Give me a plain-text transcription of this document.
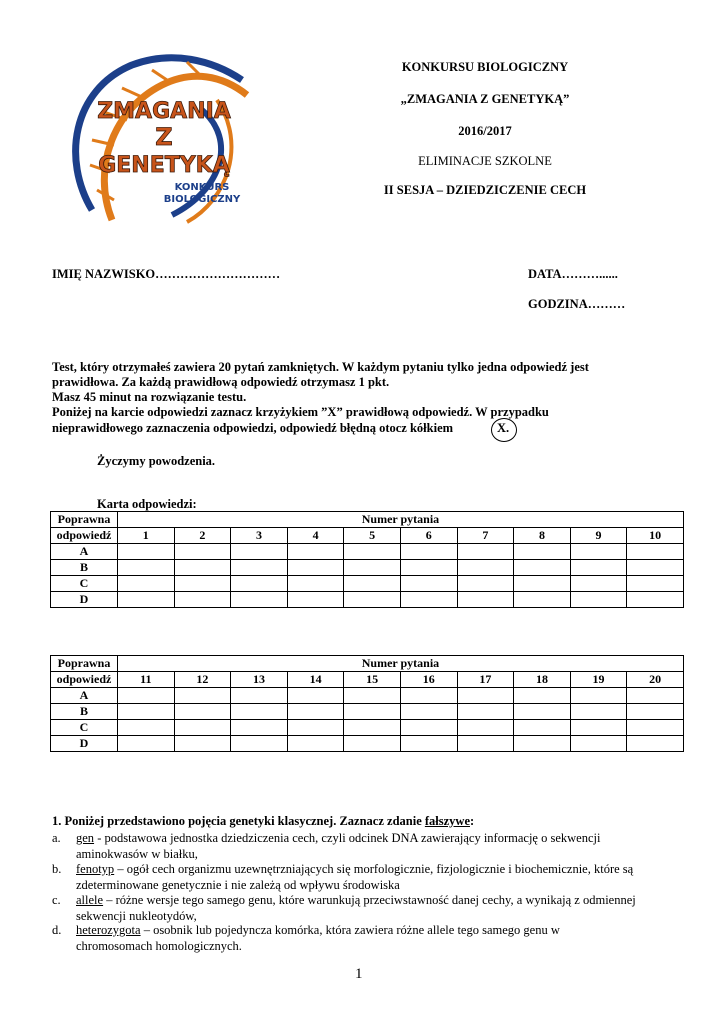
ZMAGANIA
Z
GENETYKĄ
KONKURS
BIOLOGICZNY
KONKURSU BIOLOGICZNY
„ZMAGANIA Z GENETYKĄ”
2016/2017
ELIMINACJE SZKOLNE
II SESJA – DZIEDZICZENIE CECH
IMIĘ NAZWISKO…………………………	DATA………......
GODZINA………
Test, który otrzymałeś zawiera 20 pytań zamkniętych. W każdym pytaniu tylko jedna odpowiedź jest
prawidłowa. Za każdą prawidłową odpowiedź otrzymasz 1 pkt.
Masz 45 minut na rozwiązanie testu.
Poniżej na karcie odpowiedzi zaznacz krzyżykiem ”X” prawidłową odpowiedź. W przypadku
nieprawidłowego zaznaczenia odpowiedzi, odpowiedź błędną otocz kółkiem	X.
Życzymy powodzenia.
Karta odpowiedzi:
Poprawna	Numer pytania									
odpowiedź	1	2	3	4	5	6	7	8	9	10
A										
B										
C										
D										
Poprawna	Numer pytania									
odpowiedź	11	12	13	14	15	16	17	18	19	20
A										
B										
C										
D										
1. Poniżej przedstawiono pojęcia genetyki klasycznej. Zaznacz zdanie fałszywe:
a. gen - podstawowa jednostka dziedziczenia cech, czyli odcinek DNA zawierający informację o sekwencji
aminokwasów w białku,
b. fenotyp – ogół cech organizmu uzewnętrzniających się morfologicznie, fizjologicznie i biochemicznie, które są
zdeterminowane genetycznie i nie zależą od wpływu środowiska
c. allele – różne wersje tego samego genu, które warunkują przeciwstawność danej cechy, a wynikają z odmiennej
sekwencji nukleotydów,
d. heterozygota – osobnik lub pojedyncza komórka, która zawiera różne allele tego samego genu w
chromosomach homologicznych.
1
